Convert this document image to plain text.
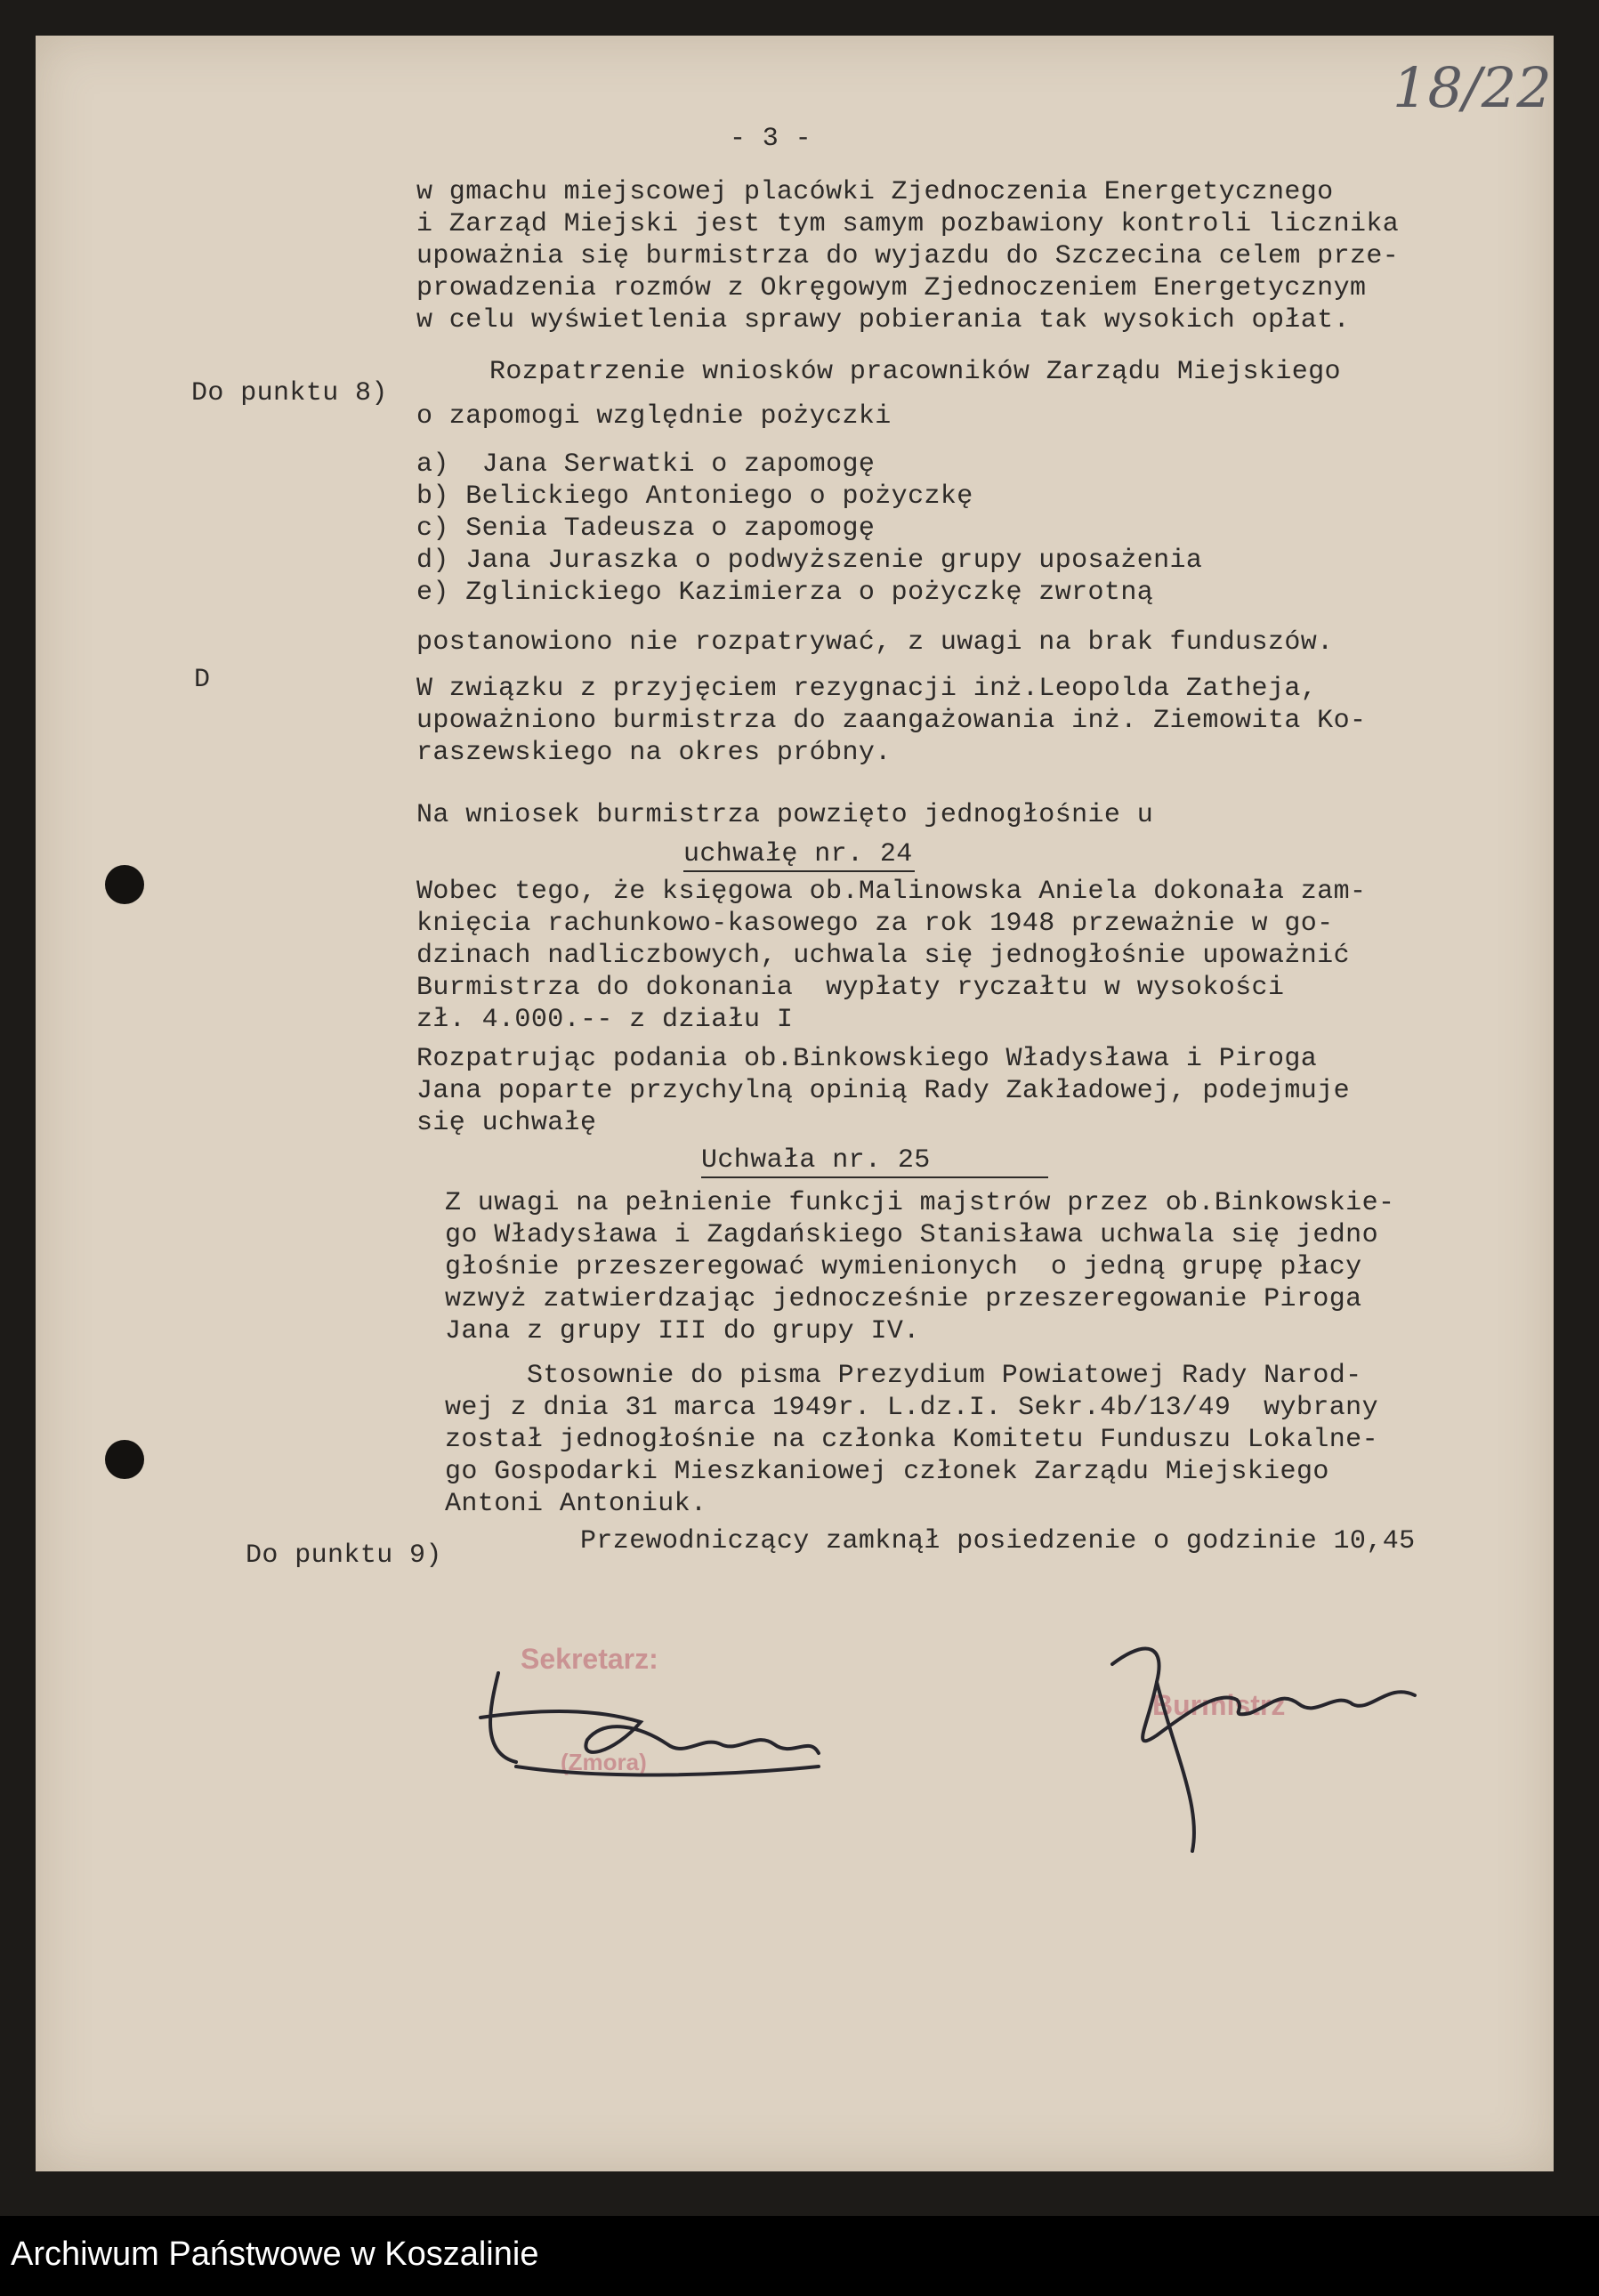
- 3 -
18/22
w gmachu miejscowej placówki Zjednoczenia Energetycznego
i Zarząd Miejski jest tym samym pozbawiony kontroli licznika
upoważnia się burmistrza do wyjazdu do Szczecina celem prze-
prowadzenia rozmów z Okręgowym Zjednoczeniem Energetycznym
w celu wyświetlenia sprawy pobierania tak wysokich opłat.
Do punktu 8)
Rozpatrzenie wniosków pracowników Zarządu Miejskiego
o zapomogi względnie pożyczki
a)  Jana Serwatki o zapomogę
b) Belickiego Antoniego o pożyczkę
c) Senia Tadeusza o zapomogę
d) Jana Juraszka o podwyższenie grupy uposażenia
e) Zglinickiego Kazimierza o pożyczkę zwrotną
postanowiono nie rozpatrywać, z uwagi na brak funduszów.
D	W związku z przyjęciem rezygnacji inż.Leopolda Zatheja,
upoważniono burmistrza do zaangażowania inż. Ziemowita Ko-
raszewskiego na okres próbny.
Na wniosek burmistrza powzięto jednogłośnie u
uchwałę nr. 24
Wobec tego, że księgowa ob.Malinowska Aniela dokonała zam-
knięcia rachunkowo-kasowego za rok 1948 przeważnie w go-
dzinach nadliczbowych, uchwala się jednogłośnie upoważnić
Burmistrza do dokonania  wypłaty ryczałtu w wysokości
zł. 4.000.-- z działu I
Rozpatrując podania ob.Binkowskiego Władysława i Piroga
Jana poparte przychylną opinią Rady Zakładowej, podejmuje
się uchwałę
Uchwała nr. 25
Z uwagi na pełnienie funkcji majstrów przez ob.Binkowskie-
go Władysława i Zagdańskiego Stanisława uchwala się jedno
głośnie przeszeregować wymienionych  o jedną grupę płacy
wzwyż zatwierdzając jednocześnie przeszeregowanie Piroga
Jana z grupy III do grupy IV.
Stosownie do pisma Prezydium Powiatowej Rady Narod-
wej z dnia 31 marca 1949r. L.dz.I. Sekr.4b/13/49  wybrany
został jednogłośnie na członka Komitetu Funduszu Lokalne-
go Gospodarki Mieszkaniowej członek Zarządu Miejskiego
Antoni Antoniuk.
Do punktu 9)	Przewodniczący zamknął posiedzenie o godzinie 10,45
Sekretarz:
(Zmora)
Burmistrz
Archiwum Państwowe w Koszalinie
